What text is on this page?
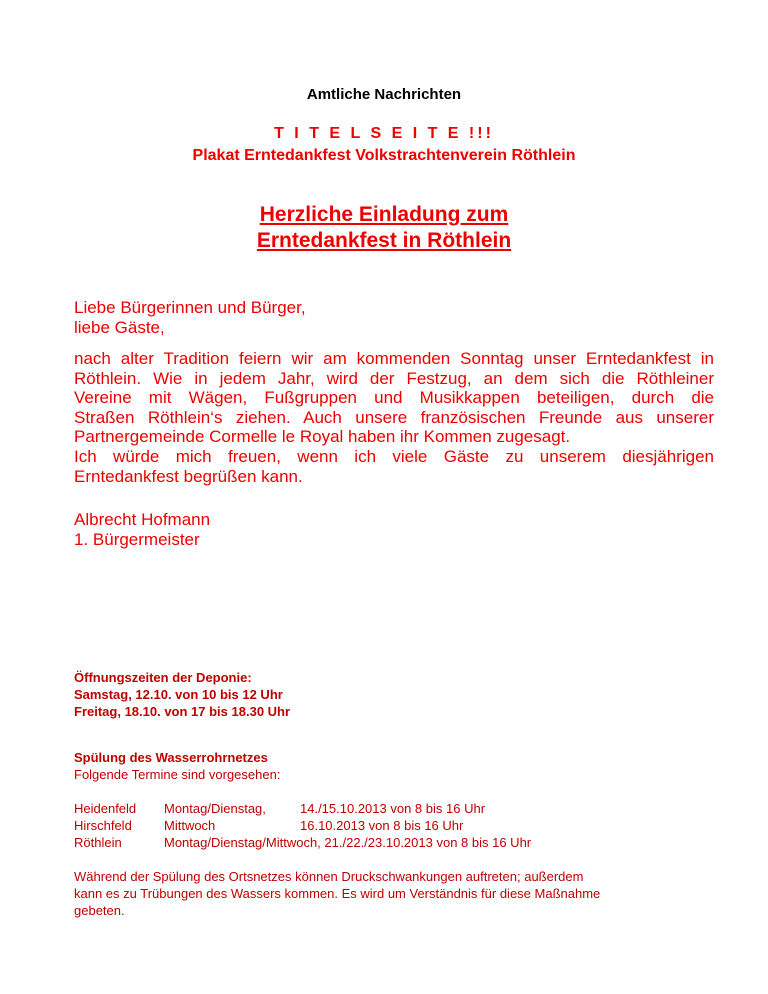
Amtliche Nachrichten
T I T E L S E I T E !!!
Plakat Erntedankfest Volkstrachtenverein Röthlein
Herzliche Einladung zum
Erntedankfest in Röthlein
Liebe Bürgerinnen und Bürger,
liebe Gäste,
nach alter Tradition feiern wir am kommenden Sonntag unser Erntedankfest in
Röthlein. Wie in jedem Jahr, wird der Festzug, an dem sich die Röthleiner
Vereine mit Wägen, Fußgruppen und Musikkappen beteiligen, durch die
Straßen Röthlein‘s ziehen. Auch unsere französischen Freunde aus unserer
Partnergemeinde Cormelle le Royal haben ihr Kommen zugesagt.
Ich würde mich freuen, wenn ich viele Gäste zu unserem diesjährigen
Erntedankfest begrüßen kann.
Albrecht Hofmann
1. Bürgermeister
Öffnungszeiten der Deponie:
Samstag, 12.10. von 10 bis 12 Uhr
Freitag, 18.10. von 17 bis 18.30 Uhr
Spülung des Wasserrohrnetzes
Folgende Termine sind vorgesehen:
Heidenfeld	Montag/Dienstag, 14./15.10.2013 von 8 bis 16 Uhr
Hirschfeld	Mittwoch 16.10.2013 von 8 bis 16 Uhr
Röthlein	Montag/Dienstag/Mittwoch, 21./22./23.10.2013 von 8 bis 16 Uhr
Während der Spülung des Ortsnetzes können Druckschwankungen auftreten; außerdem
kann es zu Trübungen des Wassers kommen. Es wird um Verständnis für diese Maßnahme
gebeten.
